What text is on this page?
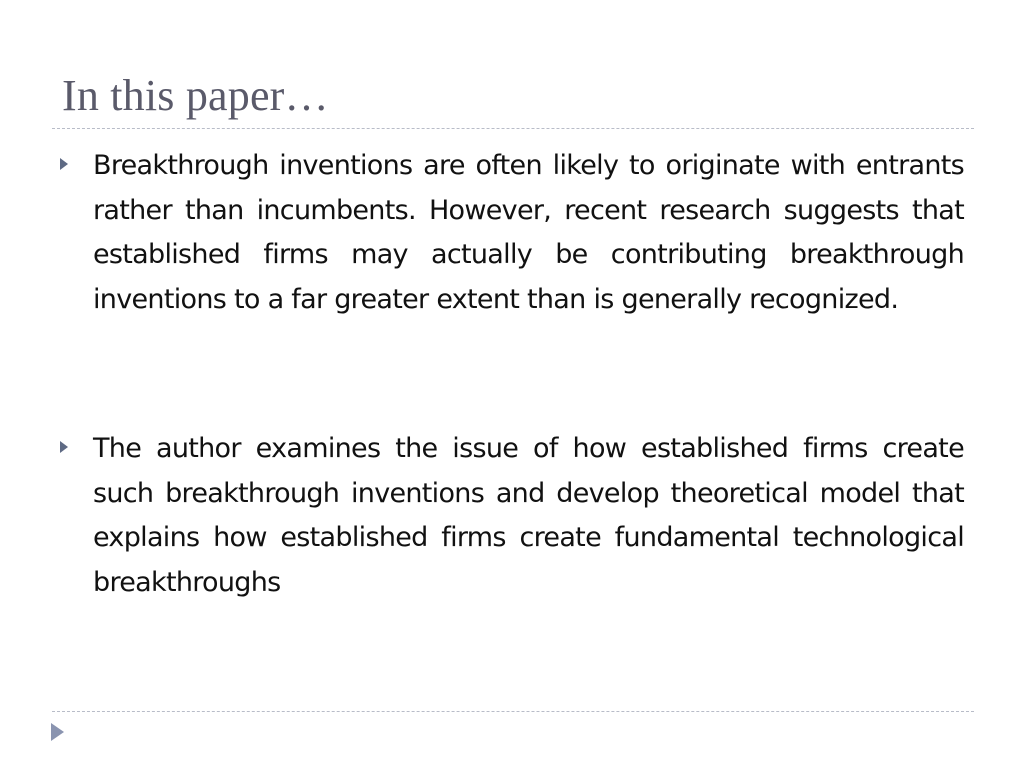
In this paper…

Breakthrough inventions are often likely to originate with entrants rather than incumbents. However, recent research suggests that established firms may actually be contributing breakthrough inventions to a far greater extent than is generally recognized.

The author examines the issue of how established firms create such breakthrough inventions and develop theoretical model that explains how established firms create fundamental technological breakthroughs
